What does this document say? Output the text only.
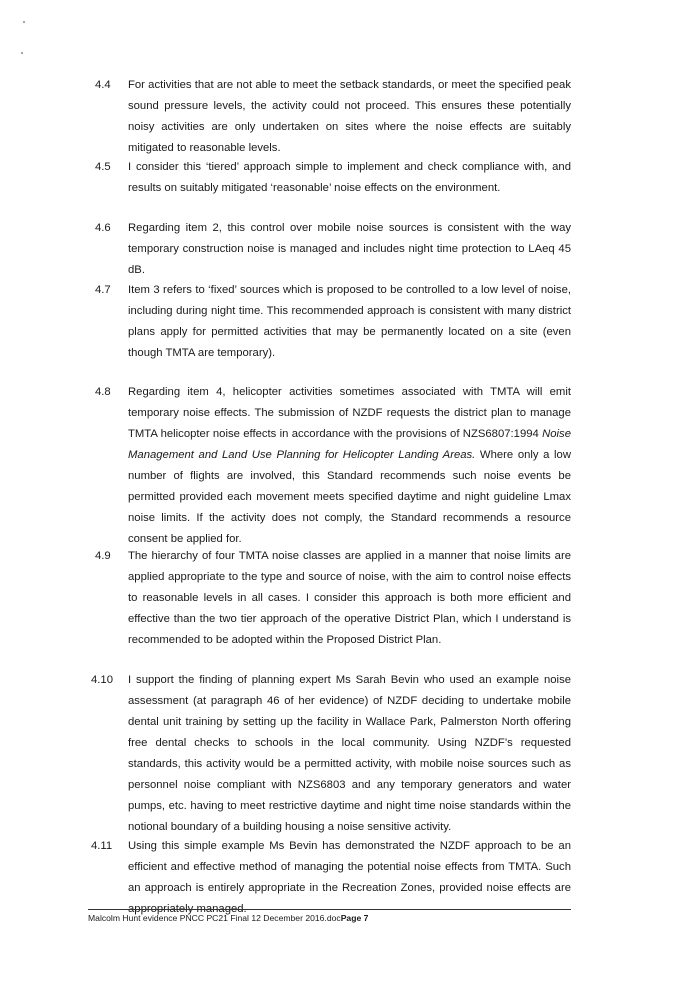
4.4 For activities that are not able to meet the setback standards, or meet the specified peak sound pressure levels, the activity could not proceed. This ensures these potentially noisy activities are only undertaken on sites where the noise effects are suitably mitigated to reasonable levels.

4.5 I consider this ‘tiered’ approach simple to implement and check compliance with, and results on suitably mitigated ‘reasonable’ noise effects on the environment.

4.6 Regarding item 2, this control over mobile noise sources is consistent with the way temporary construction noise is managed and includes night time protection to LAeq 45 dB.

4.7 Item 3 refers to ‘fixed’ sources which is proposed to be controlled to a low level of noise, including during night time. This recommended approach is consistent with many district plans apply for permitted activities that may be permanently located on a site (even though TMTA are temporary).

4.8 Regarding item 4, helicopter activities sometimes associated with TMTA will emit temporary noise effects. The submission of NZDF requests the district plan to manage TMTA helicopter noise effects in accordance with the provisions of NZS6807:1994 Noise Management and Land Use Planning for Helicopter Landing Areas. Where only a low number of flights are involved, this Standard recommends such noise events be permitted provided each movement meets specified daytime and night guideline Lmax noise limits. If the activity does not comply, the Standard recommends a resource consent be applied for.

4.9 The hierarchy of four TMTA noise classes are applied in a manner that noise limits are applied appropriate to the type and source of noise, with the aim to control noise effects to reasonable levels in all cases. I consider this approach is both more efficient and effective than the two tier approach of the operative District Plan, which I understand is recommended to be adopted within the Proposed District Plan.

4.10 I support the finding of planning expert Ms Sarah Bevin who used an example noise assessment (at paragraph 46 of her evidence) of NZDF deciding to undertake mobile dental unit training by setting up the facility in Wallace Park, Palmerston North offering free dental checks to schools in the local community. Using NZDF’s requested standards, this activity would be a permitted activity, with mobile noise sources such as personnel noise compliant with NZS6803 and any temporary generators and water pumps, etc. having to meet restrictive daytime and night time noise standards within the notional boundary of a building housing a noise sensitive activity.

4.11 Using this simple example Ms Bevin has demonstrated the NZDF approach to be an efficient and effective method of managing the potential noise effects from TMTA. Such an approach is entirely appropriate in the Recreation Zones, provided noise effects are appropriately managed.

Malcolm Hunt evidence PNCC PC21 Final 12 December 2016.docPage 7
